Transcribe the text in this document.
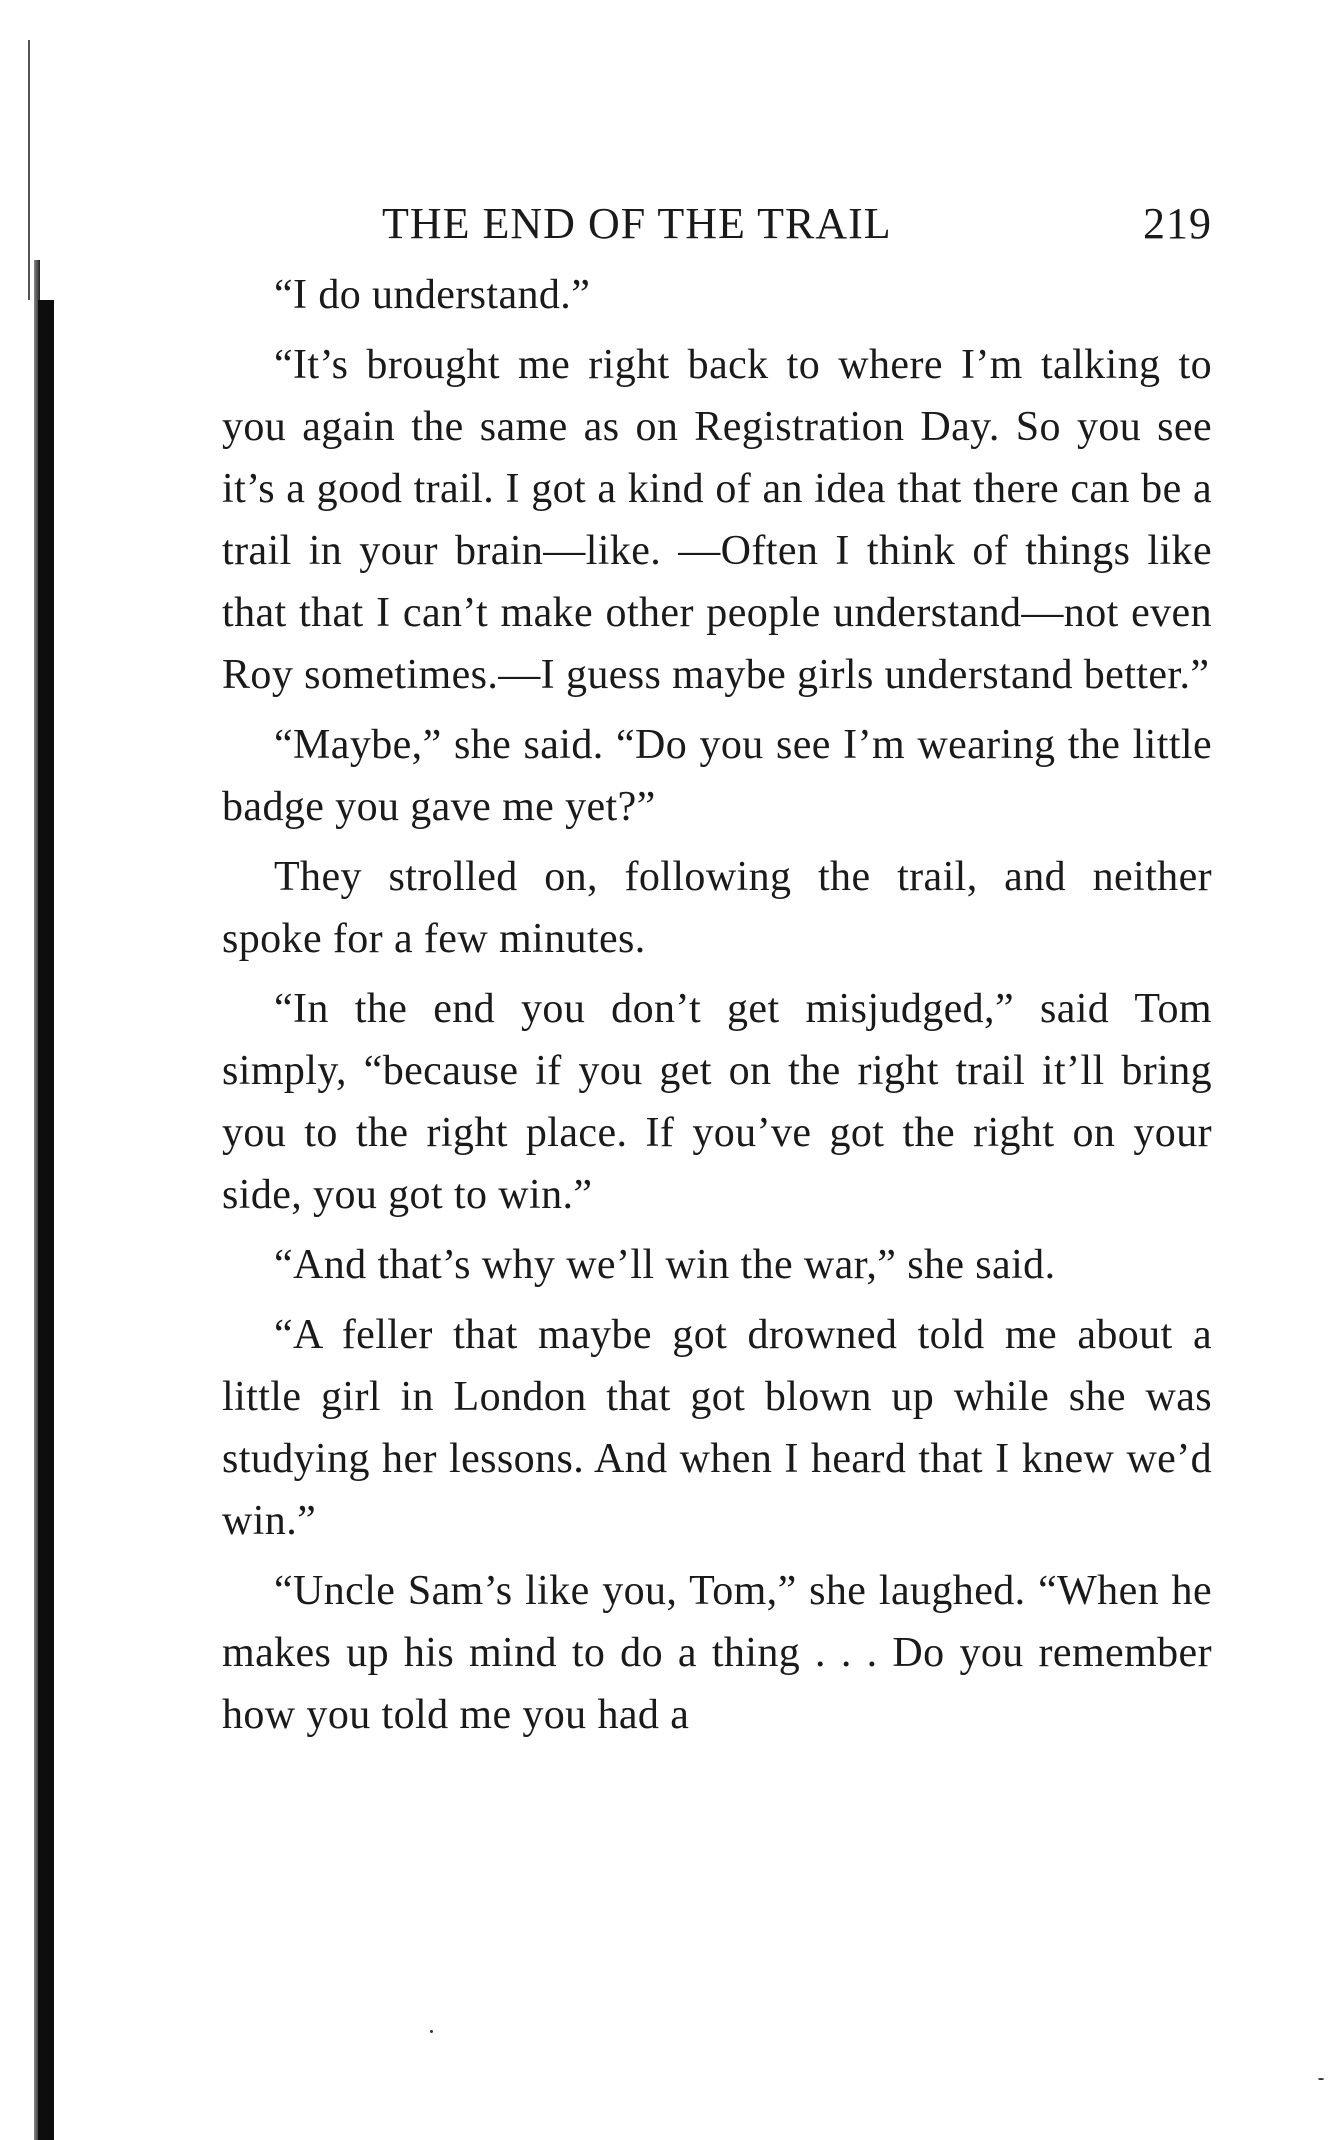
THE END OF THE TRAIL	219

“I do understand.”

“It’s brought me right back to where I’m talking to you again the same as on Registration Day. So you see it’s a good trail. I got a kind of an idea that there can be a trail in your brain—like. —Often I think of things like that that I can’t make other people understand—not even Roy sometimes.—I guess maybe girls understand better.”

“Maybe,” she said. “Do you see I’m wearing the little badge you gave me yet?”

They strolled on, following the trail, and neither spoke for a few minutes.

“In the end you don’t get misjudged,” said Tom simply, “because if you get on the right trail it’ll bring you to the right place. If you’ve got the right on your side, you got to win.”

“And that’s why we’ll win the war,” she said.

“A feller that maybe got drowned told me about a little girl in London that got blown up while she was studying her lessons. And when I heard that I knew we’d win.”

“Uncle Sam’s like you, Tom,” she laughed. “When he makes up his mind to do a thing . . . Do you remember how you told me you had a
